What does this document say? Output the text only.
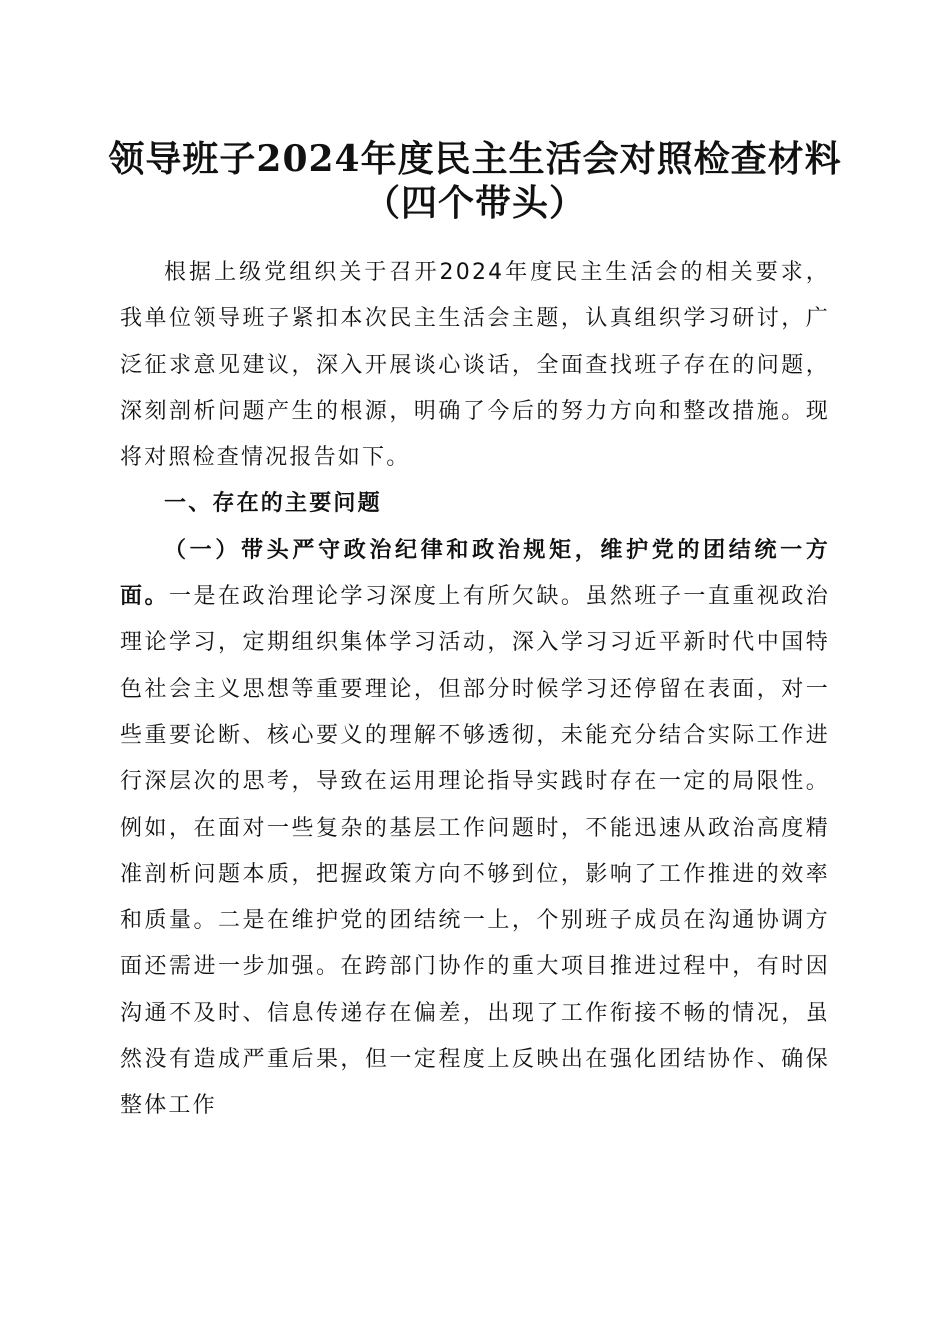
领导班子2024年度民主生活会对照检查材料
（四个带头）

根据上级党组织关于召开2024年度民主生活会的相关要求，我单位领导班子紧扣本次民主生活会主题，认真组织学习研讨，广泛征求意见建议，深入开展谈心谈话，全面查找班子存在的问题，深刻剖析问题产生的根源，明确了今后的努力方向和整改措施。现将对照检查情况报告如下。

一、存在的主要问题

（一）带头严守政治纪律和政治规矩，维护党的团结统一方面。一是在政治理论学习深度上有所欠缺。虽然班子一直重视政治理论学习，定期组织集体学习活动，深入学习习近平新时代中国特色社会主义思想等重要理论，但部分时候学习还停留在表面，对一些重要论断、核心要义的理解不够透彻，未能充分结合实际工作进行深层次的思考，导致在运用理论指导实践时存在一定的局限性。例如，在面对一些复杂的基层工作问题时，不能迅速从政治高度精准剖析问题本质，把握政策方向不够到位，影响了工作推进的效率和质量。二是在维护党的团结统一上，个别班子成员在沟通协调方面还需进一步加强。在跨部门协作的重大项目推进过程中，有时因沟通不及时、信息传递存在偏差，出现了工作衔接不畅的情况，虽然没有造成严重后果，但一定程度上反映出在强化团结协作、确保整体工作
